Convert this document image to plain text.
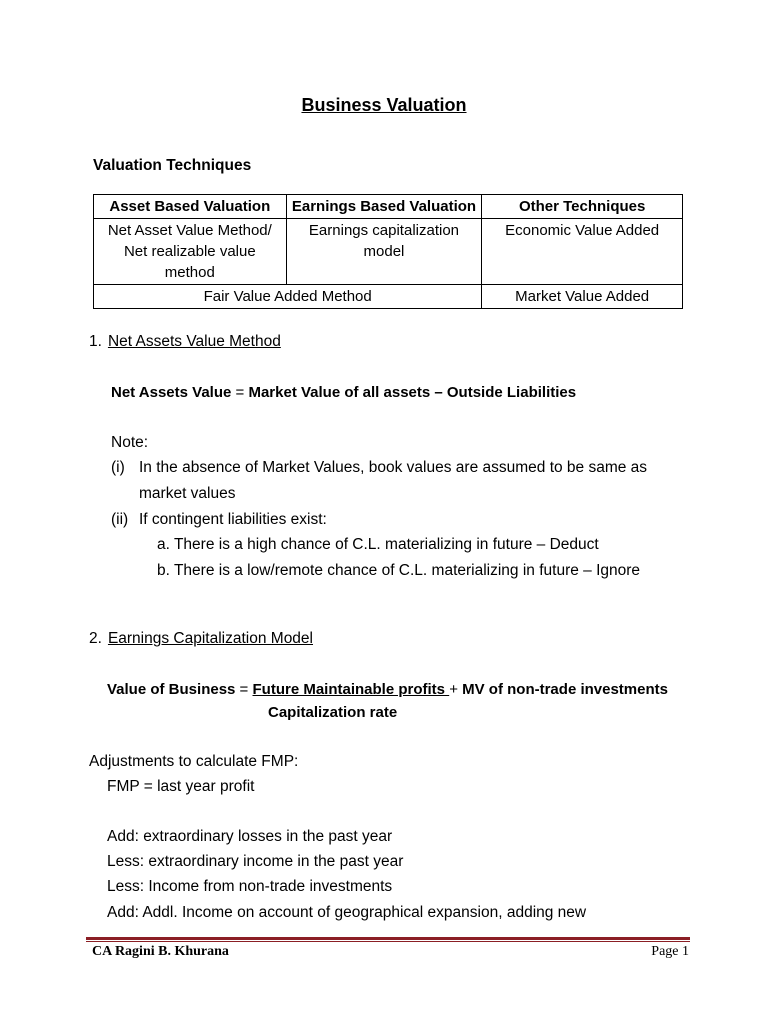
Business Valuation
Valuation Techniques
Asset Based Valuation	Earnings Based Valuation	Other Techniques
Net Asset Value Method/ Net realizable value method	Earnings capitalization model	Economic Value Added
Fair Value Added Method		Market Value Added
1. Net Assets Value Method
Net Assets Value = Market Value of all assets – Outside Liabilities
Note:
(i) In the absence of Market Values, book values are assumed to be same as
market values
(ii) If contingent liabilities exist:
a. There is a high chance of C.L. materializing in future – Deduct
b. There is a low/remote chance of C.L. materializing in future – Ignore
2. Earnings Capitalization Model
Value of Business = Future Maintainable profits + MV of non-trade investments
Capitalization rate
Adjustments to calculate FMP:
FMP = last year profit
Add: extraordinary losses in the past year
Less: extraordinary income in the past year
Less: Income from non-trade investments
Add: Addl. Income on account of geographical expansion, adding new
CA Ragini B. Khurana	Page 1
